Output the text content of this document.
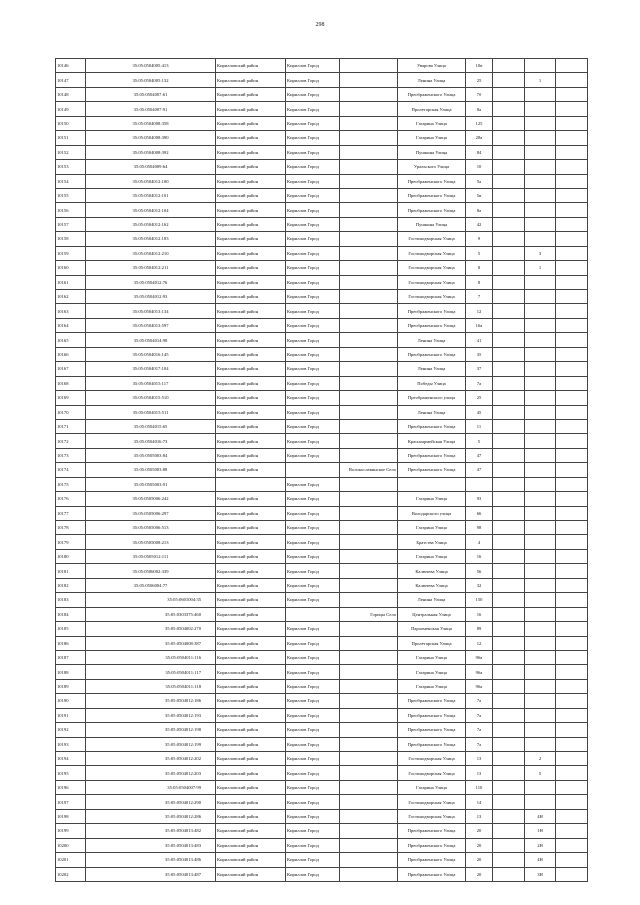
298
10146	35:05:0504005:413	Кирилловский район	Кириллов Город		Уварова Улица	10в			
10147	35:05:0504005:132	Кирилловский район	Кириллов Город		Ленина Улица	25		1	
10148	35:05:0504007:61	Кирилловский район	Кириллов Город		Преображенского Улица	7б			
10149	35:05:0504007:91	Кирилловский район	Кириллов Город		Пролетарская Улица	8а			
10150	35:05:0504008:358	Кирилловский район	Кириллов Город		Гагарина Улица	125			
10151	35:05:0504008:390	Кирилловский район	Кириллов Город		Гагарина Улица	28а			
10152	35:05:0504008:392	Кирилловский район	Кириллов Город		Пушкина Улица	84			
10153	35:05:0504009:64	Кирилловский район	Кириллов Город		Уральского Улица	10			
10154	35:05:0504012:100	Кирилловский район	Кириллов Город		Преображенского Улица	5а			
10155	35:05:0504012:101	Кирилловский район	Кириллов Город		Преображенского Улица	5в			
10156	35:05:0504012:104	Кирилловский район	Кириллов Город		Преображенского Улица	8а			
10157	35:05:0504012:162	Кирилловский район	Кириллов Город		Пушкина Улица	42			
10158	35:05:0504012:183	Кирилловский район	Кириллов Город		Гостинодворская Улица	9			
10159	35:05:0504012:210	Кирилловский район	Кириллов Город		Гостинодворская Улица	5		3	
10160	35:05:0504012:211	Кирилловский район	Кириллов Город		Гостинодворская Улица	8		1	
10161	35:05:0504012:76	Кирилловский район	Кириллов Город		Гостинодворская Улица	8			
10162	35:05:0504012:93	Кирилловский район	Кириллов Город		Гостинодворская Улица	7			
10163	35:05:0504013:134	Кирилловский район	Кириллов Город		Преображенского Улица	12			
10164	35:05:0504013:597	Кирилловский район	Кириллов Город		Преображенского Улица	16а			
10165	35:05:0504014:98	Кирилловский район	Кириллов Город		Ленина Улица	41			
10166	35:05:0504016:145	Кирилловский район	Кириллов Город		Преображенского Улица	35			
10167	35:05:0504017:104	Кирилловский район	Кириллов Город		Ленина Улица	37			
10168	35:05:0504015:117	Кирилловский район	Кириллов Город		Победы Улица	7а			
10169	35:05:0504015:510	Кирилловский район	Кириллов Город		Преображенского улица	25			
10170	35:05:0504015:511	Кирилловский район	Кириллов Город		Ленина Улица	45			
10171	35:05:0504015:65	Кирилловский район	Кириллов Город		Преображенского Улица	11			
10172	35:05:0504016:73	Кирилловский район	Кириллов Город		Красноармейская Улица	5			
10173	35:05:0505003:84	Кирилловский район	Кириллов Город		Преображенского Улица	47			
10174	35:05:0505003:88	Кирилловский район		Волокославинское Село	Преображенского Улица	47			
10175	35:05:0505003:91		Кириллов Город						
10176	35:05:0505006:242	Кирилловский район	Кириллов Город		Гагарина Улица	93			
10177	35:05:0505006:297	Кирилловский район	Кириллов Город		Володарского улица	66			
10178	35:05:0505006:513	Кирилловский район	Кириллов Город		Гагарина Улица	98			
10179	35:05:0505008:213	Кирилловский район	Кириллов Город		Братства Улица	4			
10180	35:05:0505012:111	Кирилловский район	Кириллов Город		Гагарина Улица	16			
10181	35:05:0506002:339	Кирилловский район	Кириллов Город		Калючева Улица	56			
10182	35:05:0506004:77	Кирилловский район	Кириллов Город		Калючева Улица	32			
10183	35:05:0601004:35	Кирилловский район	Кириллов Город		Ленина Улица	150			
10184	35:05:0303375:460	Кирилловский район		Горицы Село	Центральная Улица	16			
10185	35:05:0504002:270	Кирилловский район	Кириллов Город		Пархоменская Улица	89			
10186	35:05:0504008:387	Кирилловский район	Кириллов Город		Пролетарская Улица	12			
10187	35:05:0504011:116	Кирилловский район	Кириллов Город		Гагарина Улица	96а			
10188	35:05:0504011:117	Кирилловский район	Кириллов Город		Гагарина Улица	96а			
10189	35:05:0504011:118	Кирилловский район	Кириллов Город		Гагарина Улица	96а			
10190	35:05:0504012:186	Кирилловский район	Кириллов Город		Преображенского Улица	7а			
10191	35:05:0504012:193	Кирилловский район	Кириллов Город		Преображенского Улица	7а			
10192	35:05:0504012:198	Кирилловский район	Кириллов Город		Преображенского Улица	7а			
10193	35:05:0504012:199	Кирилловский район	Кириллов Город		Преображенского Улица	7а			
10194	35:05:0504012:202	Кирилловский район	Кириллов Город		Гостинодворская Улица	13		2	
10195	35:05:0504012:203	Кирилловский район	Кириллов Город		Гостинодворская Улица	13		5	
10196	35:05:0504007:99	Кирилловский район	Кириллов Город		Гагарина Улица	110			
10197	35:05:0504012:290	Кирилловский район	Кириллов Город		Гостинодворская Улица	14			
10198	35:05:0504012:286	Кирилловский район	Кириллов Город		Гостинодворская Улица	13		4Н	
10199	35:05:0504013:482	Кирилловский район	Кириллов Город		Преображенского Улица	20		1Н	
10200	35:05:0504013:483	Кирилловский район	Кириллов Город		Преображенского Улица	20		2Н	
10201	35:05:0504013:486	Кирилловский район	Кириллов Город		Преображенского Улица	20		4Н	
10202	35:05:0504013:487	Кирилловский район	Кириллов Город		Преображенского Улица	20		3Н	
